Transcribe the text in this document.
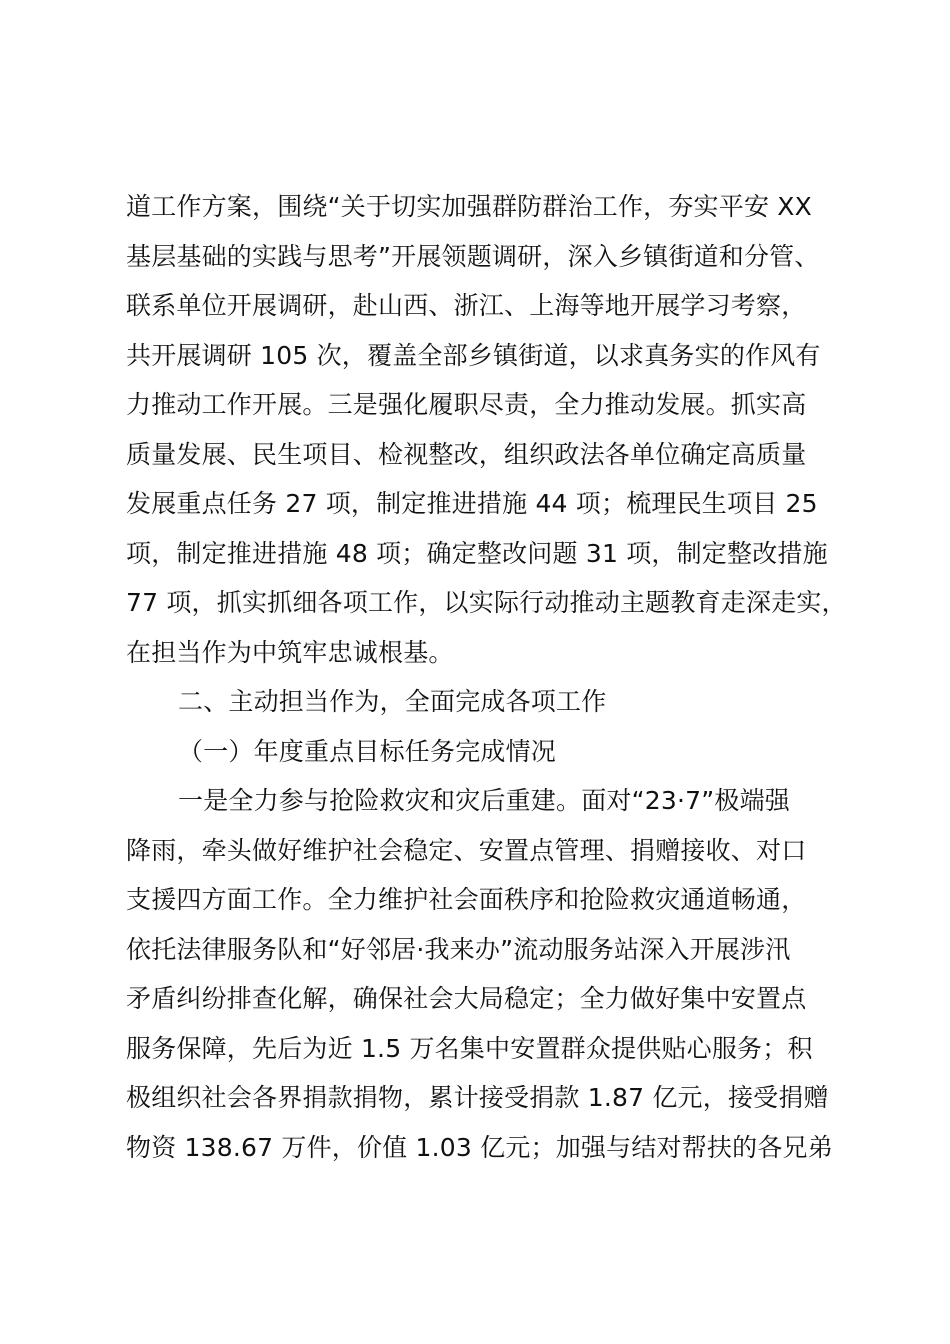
道工作方案，围绕“关于切实加强群防群治工作，夯实平安 XX
基层基础的实践与思考”开展领题调研，深入乡镇街道和分管、
联系单位开展调研，赴山西、浙江、上海等地开展学习考察，
共开展调研 105 次，覆盖全部乡镇街道，以求真务实的作风有
力推动工作开展。三是强化履职尽责，全力推动发展。抓实高
质量发展、民生项目、检视整改，组织政法各单位确定高质量
发展重点任务 27 项，制定推进措施 44 项；梳理民生项目 25
项，制定推进措施 48 项；确定整改问题 31 项，制定整改措施
77 项，抓实抓细各项工作，以实际行动推动主题教育走深走实，
在担当作为中筑牢忠诚根基。
二、主动担当作为，全面完成各项工作
（一）年度重点目标任务完成情况
一是全力参与抢险救灾和灾后重建。面对“23·7”极端强
降雨，牵头做好维护社会稳定、安置点管理、捐赠接收、对口
支援四方面工作。全力维护社会面秩序和抢险救灾通道畅通，
依托法律服务队和“好邻居·我来办”流动服务站深入开展涉汛
矛盾纠纷排查化解，确保社会大局稳定；全力做好集中安置点
服务保障，先后为近 1.5 万名集中安置群众提供贴心服务；积
极组织社会各界捐款捐物，累计接受捐款 1.87 亿元，接受捐赠
物资 138.67 万件，价值 1.03 亿元；加强与结对帮扶的各兄弟
